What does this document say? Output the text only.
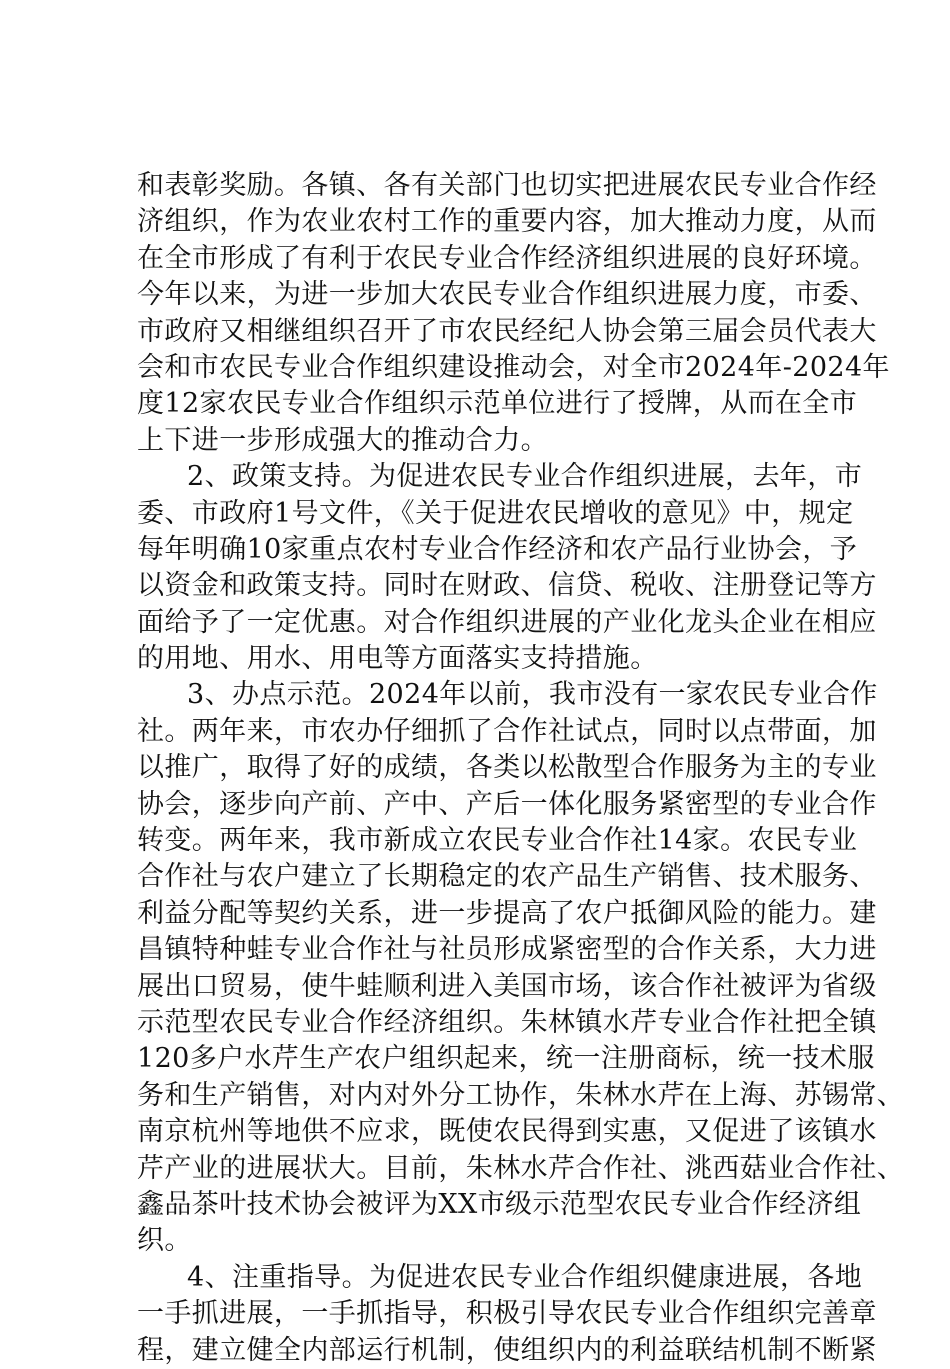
和表彰奖励。各镇、各有关部门也切实把进展农民专业合作经
济组织，作为农业农村工作的重要内容，加大推动力度，从而
在全市形成了有利于农民专业合作经济组织进展的良好环境。
今年以来，为进一步加大农民专业合作组织进展力度，市委、
市政府又相继组织召开了市农民经纪人协会第三届会员代表大
会和市农民专业合作组织建设推动会，对全市2024年-2024年
度12家农民专业合作组织示范单位进行了授牌，从而在全市
上下进一步形成强大的推动合力。
2、政策支持。为促进农民专业合作组织进展，去年，市
委、市政府1号文件，《关于促进农民增收的意见》中，规定
每年明确10家重点农村专业合作经济和农产品行业协会，予
以资金和政策支持。同时在财政、信贷、税收、注册登记等方
面给予了一定优惠。对合作组织进展的产业化龙头企业在相应
的用地、用水、用电等方面落实支持措施。
3、办点示范。2024年以前，我市没有一家农民专业合作
社。两年来，市农办仔细抓了合作社试点，同时以点带面，加
以推广，取得了好的成绩，各类以松散型合作服务为主的专业
协会，逐步向产前、产中、产后一体化服务紧密型的专业合作
转变。两年来，我市新成立农民专业合作社14家。农民专业
合作社与农户建立了长期稳定的农产品生产销售、技术服务、
利益分配等契约关系，进一步提高了农户抵御风险的能力。建
昌镇特种蛙专业合作社与社员形成紧密型的合作关系，大力进
展出口贸易，使牛蛙顺利进入美国市场，该合作社被评为省级
示范型农民专业合作经济组织。朱林镇水芹专业合作社把全镇
120多户水芹生产农户组织起来，统一注册商标，统一技术服
务和生产销售，对内对外分工协作，朱林水芹在上海、苏锡常、
南京杭州等地供不应求，既使农民得到实惠，又促进了该镇水
芹产业的进展状大。目前，朱林水芹合作社、洮西菇业合作社、
鑫品茶叶技术协会被评为XX市级示范型农民专业合作经济组
织。
4、注重指导。为促进农民专业合作组织健康进展，各地
一手抓进展，一手抓指导，积极引导农民专业合作组织完善章
程，建立健全内部运行机制，使组织内的利益联结机制不断紧
